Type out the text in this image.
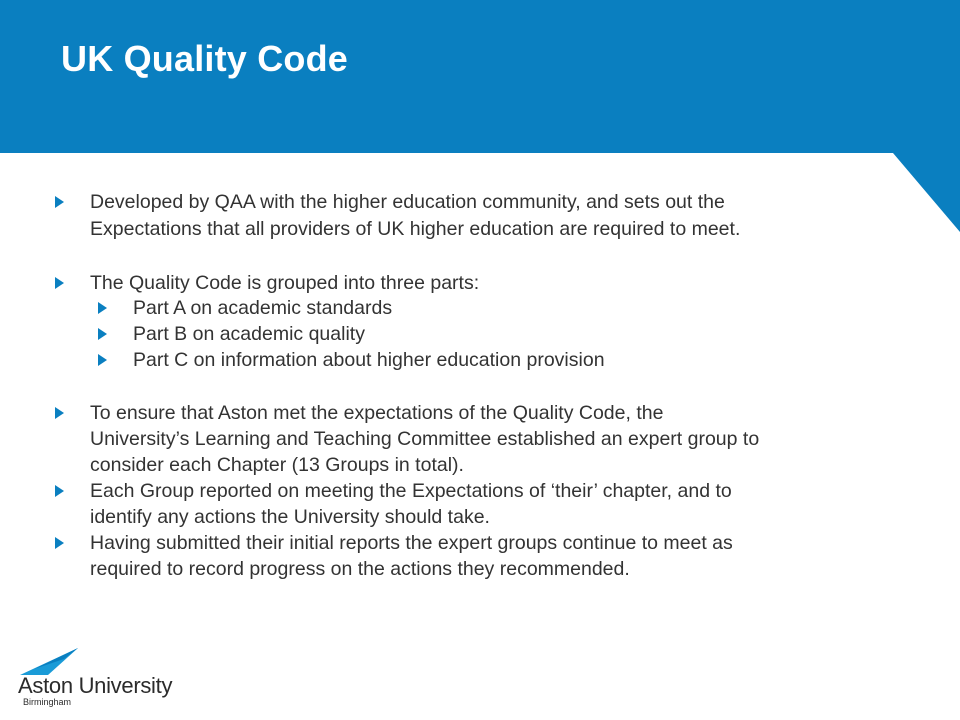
UK Quality Code
Developed by QAA with the higher education community, and sets out the
Expectations that all providers of UK higher education are required to meet.
The Quality Code is grouped into three parts:
Part A on academic standards
Part B on academic quality
Part C on information about higher education provision
To ensure that Aston met the expectations of the Quality Code, the
University’s Learning and Teaching Committee established an expert group to
consider each Chapter (13 Groups in total).
Each Group reported on meeting the Expectations of ‘their’ chapter, and to
identify any actions the University should take.
Having submitted their initial reports the expert groups continue to meet as
required to record progress on the actions they recommended.
Aston University
Birmingham
